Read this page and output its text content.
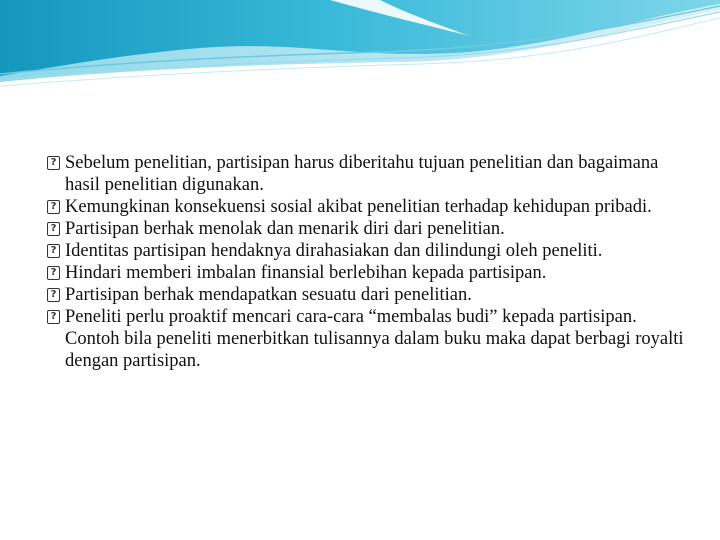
? Sebelum penelitian, partisipan harus diberitahu tujuan penelitian dan bagaimana hasil penelitian digunakan.
? Kemungkinan konsekuensi sosial akibat penelitian terhadap kehidupan pribadi.
? Partisipan berhak menolak dan menarik diri dari penelitian.
? Identitas partisipan hendaknya dirahasiakan dan dilindungi oleh peneliti.
? Hindari memberi imbalan finansial berlebihan kepada partisipan.
? Partisipan berhak mendapatkan sesuatu dari penelitian.
? Peneliti perlu proaktif mencari cara-cara “membalas budi” kepada partisipan. Contoh bila peneliti menerbitkan tulisannya dalam buku maka dapat berbagi royalti dengan partisipan.
